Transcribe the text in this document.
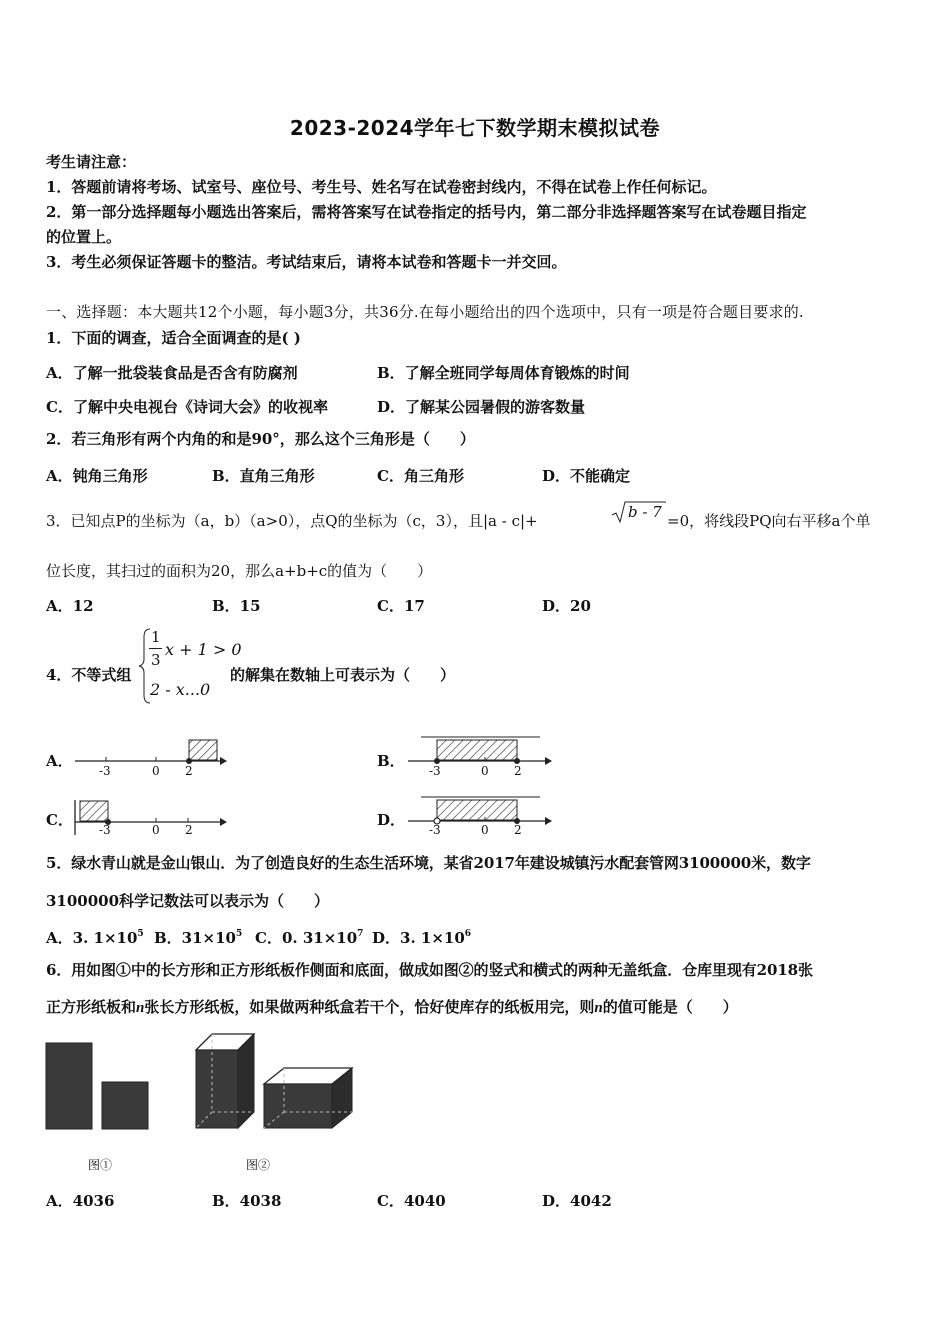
2023-2024学年七下数学期末模拟试卷
考生请注意：
1．答题前请将考场、试室号、座位号、考生号、姓名写在试卷密封线内，不得在试卷上作任何标记。
2．第一部分选择题每小题选出答案后，需将答案写在试卷指定的括号内，第二部分非选择题答案写在试卷题目指定
的位置上。
3．考生必须保证答题卡的整洁。考试结束后，请将本试卷和答题卡一并交回。
一、选择题：本大题共12个小题，每小题3分，共36分.在每小题给出的四个选项中，只有一项是符合题目要求的.
1．下面的调查，适合全面调查的是( )
A．了解一批袋装食品是否含有防腐剂	B．了解全班同学每周体育锻炼的时间
C．了解中央电视台《诗词大会》的收视率	D．了解某公园暑假的游客数量
2．若三角形有两个内角的和是90°，那么这个三角形是（　　）
A．钝角三角形	B．直角三角形	C．角三角形	D．不能确定
3．已知点P的坐标为（a，b）（a>0），点Q的坐标为（c，3），且|a - c|+	b - 7 =0，将线段PQ向右平移a个单
位长度，其扫过的面积为20，那么a+b+c的值为（　　）
A．12	B．15	C．17	D．20
4．不等式组
1
3
x + 1 > 0
2 - x...0
的解集在数轴上可表示为（　　）
A．	B．
C．	D．
-3	0 2	-3	0 2
-3	0 2	-3	0 2
5．绿水青山就是金山银山．为了创造良好的生态生活环境，某省2017年建设城镇污水配套管网3100000米，数字
3100000科学记数法可以表示为（　　）
A．3. $1\times 10^5$ B．$31\times 10^5$ C．0. $31\times 10^7$ D．3. $1\times 10^6$
6．用如图①中的长方形和正方形纸板作侧面和底面，做成如图②的竖式和横式的两种无盖纸盒．仓库里现有2018张
正方形纸板和n张长方形纸板，如果做两种纸盒若干个，恰好使库存的纸板用完，则n的值可能是（　　）
图①	图②
A．4036	B．4038	C．4040	D．4042
